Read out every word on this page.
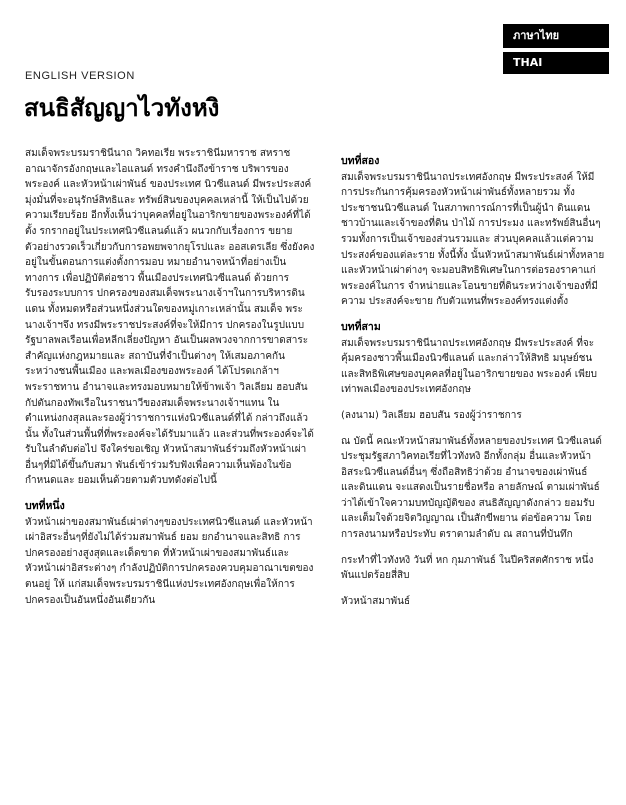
ภาษาไทย
THAI
ENGLISH VERSION
สนธิสัญญาไวทังหงิ

สมเด็จพระบรมราชินีนาถ วิคทอเรีย พระราชินีมหาราช สหราชอาณาจักรอังกฤษและไอแลนด์ ทรงคำนึงถึงข้าราช บริพารของพระองค์ และหัวหน้าเผ่าพันธ์ ของประเทศ นิวซีแลนด์ มีพระประสงค์มุ่งมั่นที่จะอนุรักษ์สิทธิและ ทรัพย์สินของบุคคลเหล่านี้ ให้เป็นไปด้วยความเรียบร้อย อีกทั้งเห็นว่าบุคคลที่อยู่ในอาริกขายของพระองค์ที่ได้ตั้ง รกรากอยู่ในประเทศนิวซีแลนด์แล้ว ผนวกกับเรื่องการ ขยายตัวอย่างรวดเร็วเกี่ยวกับการอพยพจากยุโรปและ ออสเตรเลีย ซึ่งยังคงอยู่ในขั้นตอนการแต่งตั้งการมอบ หมายอำนาจหน้าที่อย่างเป็นทางการ เพื่อปฏิบัติต่อชาว พื้นเมืองประเทศนิวซีแลนด์ ด้วยการรับรองระบบการ ปกครองของสมเด็จพระนางเจ้าฯในการบริหารดินแดน ทั้งหมดหรือส่วนหนึ่งส่วนใดของหมู่เกาะเหล่านั้น สมเด็จ พระนางเจ้าฯจึง ทรงมีพระราชประสงค์ที่จะให้มีการ ปกครองในรูปแบบรัฐบาลพลเรือนเพื่อหลีกเลี่ยงปัญหา อันเป็นผลพวงจากการขาดสาระสำคัญแห่งกฎหมายและ สถาบันที่จำเป็นต่างๆ ให้เสมอภาคกันระหว่างชนพื้นเมือง และพลเมืองของพระองค์ ได้โปรดเกล้าฯพระราชทาน อำนาจและทรงมอบหมายให้ข้าพเจ้า วิลเลียม ฮอบสัน กัปตันกองทัพเรือในราชนาวีของสมเด็จพระนางเจ้าฯแทน ในตำแหน่งกงสุลและรองผู้ว่าราชการแห่งนิวซีแลนด์ที่ได้ กล่าวถึงแล้วนั้น ทั้งในส่วนพื้นที่ที่พระองค์จะได้รับมาแล้ว และส่วนที่พระองค์จะได้รับในลำดับต่อไป จึงใคร่ขอเชิญ หัวหน้าสมาพันธ์ร่วมถึงหัวหน้าเผ่าอื่นๆที่มิได้ขึ้นกับสมา พันธ์เข้าร่วมรับฟังเพื่อความเห็นพ้องในข้อกำหนดและ ยอมเห็นด้วยตามตัวบทดังต่อไปนี้

บทที่หนึ่ง

หัวหน้าเผ่าของสมาพันธ์เผ่าต่างๆของประเทศนิวซีแลนด์ และหัวหน้าเผ่าอิสระอื่นๆที่ยังไม่ได้ร่วมสมาพันธ์ ยอม ยกอำนาจและสิทธิ การปกครองอย่างสูงสุดและเด็ดขาด ที่หัวหน้าเผ่าของสมาพันธ์และหัวหน้าเผ่าอิสระต่างๆ กำลังปฏิบัติการปกครองควบคุมอาณาเขตของตนอยู่ ให้ แก่สมเด็จพระบรมราชินีแห่งประเทศอังกฤษเพื่อให้การ ปกครองเป็นอันหนึ่งอันเดียวกัน

บทที่สอง

สมเด็จพระบรมราชินีนาถประเทศอังกฤษ มีพระประสงค์ ให้มีการประกันการคุ้มครองหัวหน้าเผ่าพันธ์ทั้งหลายรวม ทั้งประชาชนนิวซีแลนด์ ในสภาพการณ์การที่เป็นผู้นำ ดินแดน ชาวบ้านและเจ้าของที่ดิน ป่าไม้ การประมง และทรัพย์สินอื่นๆ รวมทั้งการเป็นเจ้าของส่วนรวมและ ส่วนบุคคลแล้วแต่ความประสงค์ของแต่ละราย ทั้งนี้ทั้ง นั้นหัวหน้าสมาพันธ์เผ่าทั้งหลายและหัวหน้าเผ่าต่างๆ จะมอบสิทธิพิเศษในการต่อรองราคาแก่พระองค์ในการ จำหน่ายและโอนขายที่ดินระหว่างเจ้าของที่มีความ ประสงค์จะขาย กับตัวแทนที่พระองค์ทรงแต่งตั้ง

บทที่สาม

สมเด็จพระบรมราชินีนาถประเทศอังกฤษ มีพระประสงค์ ที่จะคุ้มครองชาวพื้นเมืองนิวซีแลนด์ และกล่าวให้สิทธิ มนุษย์ชนและสิทธิพิเศษของบุคคลที่อยู่ในอาริกขายของ พระองค์ เพียบเท่าพลเมืองของประเทศอังกฤษ

(ลงนาม) วิลเลียม ฮอบสัน รองผู้ว่าราชการ

ณ บัดนี้ คณะหัวหน้าสมาพันธ์ทั้งหลายของประเทศ นิวซีแลนด์ ประชุมรัฐสภาวิคทอเรียที่ไวทังหงิ อีกทั้งกลุ่ม อื่นและหัวหน้าอิสระนิวซีแลนด์อื่นๆ ซึ่งถือสิทธิว่าด้วย อำนาจของเผ่าพันธ์และดินแดน จะแสดงเป็นรายชื่อหรือ ลายลักษณ์ ตามเผ่าพันธ์ว่าได้เข้าใจความบทบัญญัติของ สนธิสัญญาดังกล่าว ยอมรับและเต็มใจด้วยจิตวิญญาณ เป็นสักขีพยาน ต่อข้อความ โดยการลงนามหรือประทับ ตราตามลำดับ ณ สถานที่บันทึก

กระทำที่ไวทังหงิ วันที่ หก กุมภาพันธ์ ในปีคริสตศักราช หนึ่งพันแปดร้อยสี่สิบ

หัวหน้าสมาพันธ์
